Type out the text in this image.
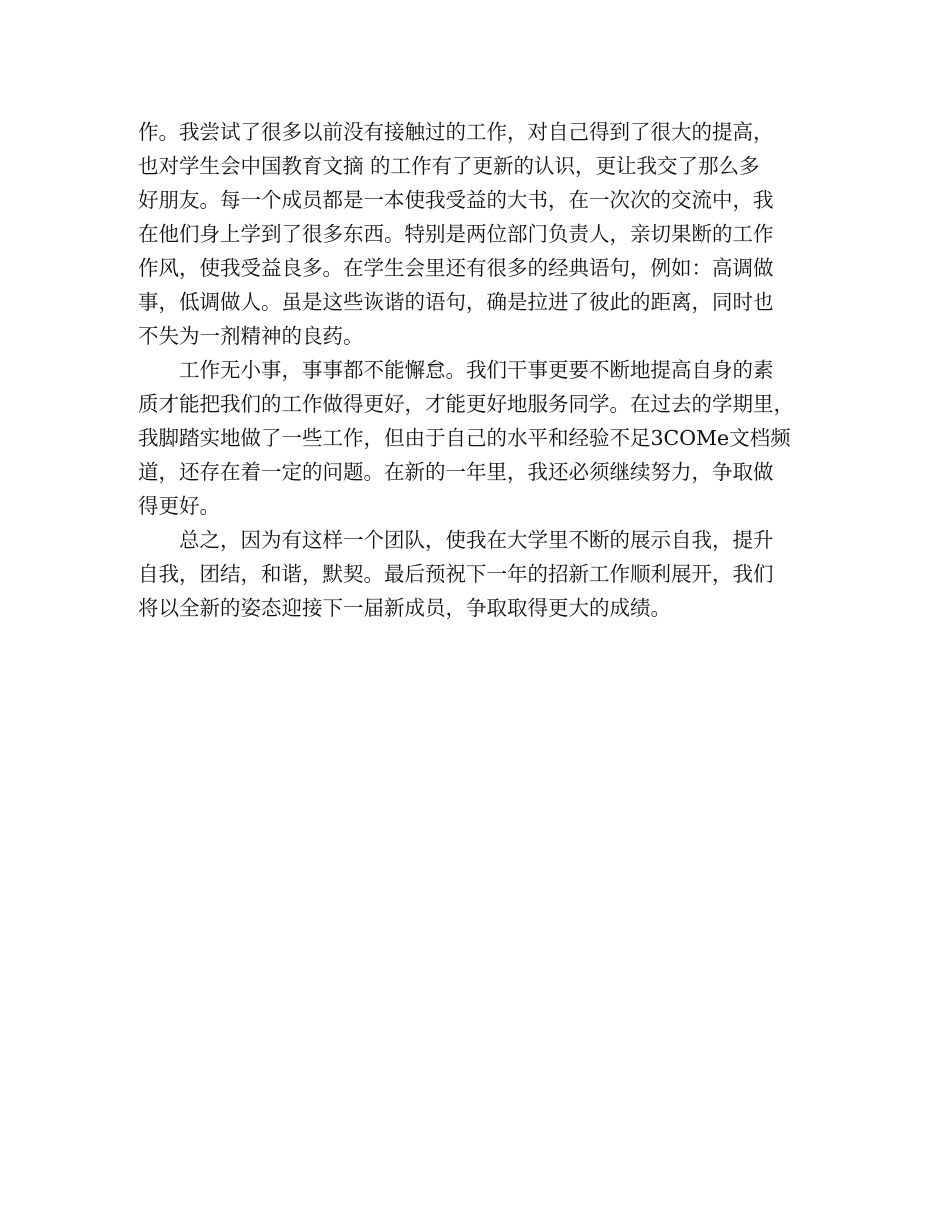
作。我尝试了很多以前没有接触过的工作，对自己得到了很大的提高，
也对学生会中国教育文摘 的工作有了更新的认识，更让我交了那么多
好朋友。每一个成员都是一本使我受益的大书，在一次次的交流中，我
在他们身上学到了很多东西。特别是两位部门负责人，亲切果断的工作
作风，使我受益良多。在学生会里还有很多的经典语句，例如：高调做
事，低调做人。虽是这些诙谐的语句，确是拉进了彼此的距离，同时也
不失为一剂精神的良药。
工作无小事，事事都不能懈怠。我们干事更要不断地提高自身的素
质才能把我们的工作做得更好，才能更好地服务同学。在过去的学期里，
我脚踏实地做了一些工作，但由于自己的水平和经验不足3COMe文档频
道，还存在着一定的问题。在新的一年里，我还必须继续努力，争取做
得更好。
总之，因为有这样一个团队，使我在大学里不断的展示自我，提升
自我，团结，和谐，默契。最后预祝下一年的招新工作顺利展开，我们
将以全新的姿态迎接下一届新成员，争取取得更大的成绩。
